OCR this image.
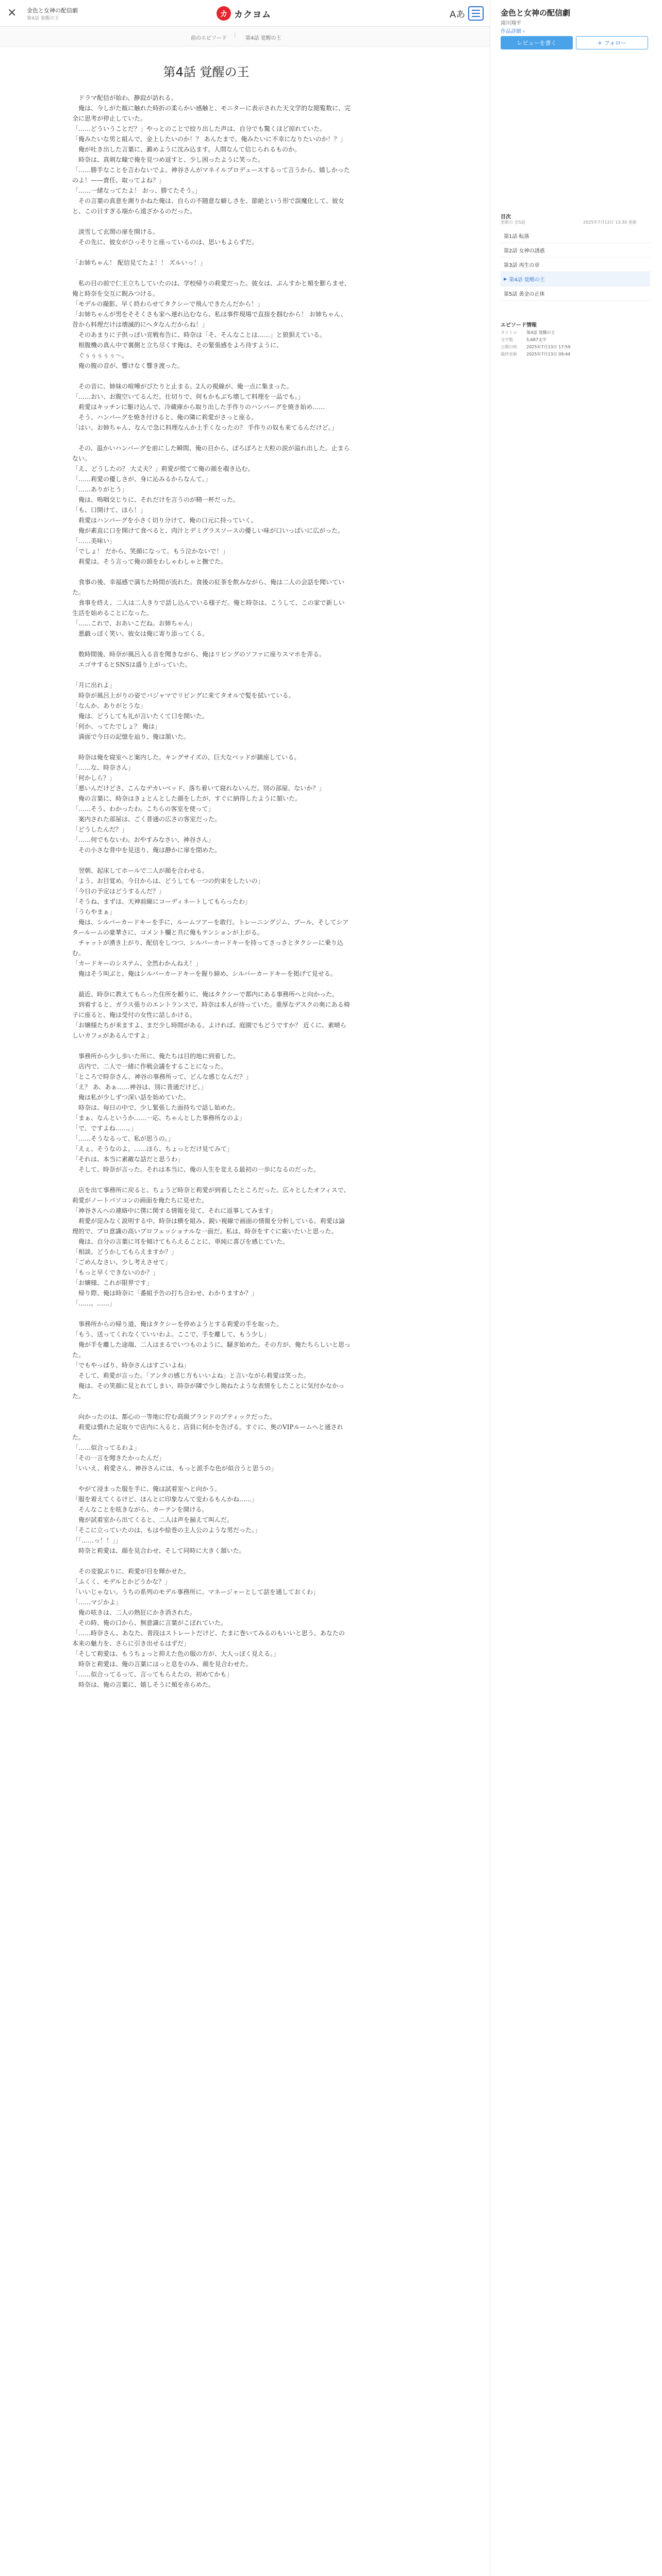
× 金色と女神の配信劇
第4話 覚醒の王
カ カクヨム	Aあ
前のエピソード
|
第4話 覚醒の王
第4話 覚醒の王

　ドラマ配信が始わ、静寂が訪れる。

　俺は、今しがた飯に触れた時折の柔らかい感触と、モニターに表示された天文学的な閲覧数に、完全に思考が停止していた。

「……どういうことだ？」やっとのことで絞り出した声は、自分でも驚くほど掠れていた。

「俺みたいな男と組んで、金上したいのか！？ あんたまで。俺みたいに不幸になりたいのか！？」

　俺が吐き出した言葉に、澱めように沈み込ます。人間なんて信じられるものか。

　時奈は、真剣な瞳で俺を見つめ返すと、少し困ったように笑った。

「……勝手なことを言わないでよ。神谷さんがマネイルプロデュースするって言うから、嬉しかったのよ！——責任、取ってよね？」

「……一緒なってたよ！ おっ、勝てたそう。」

　その言葉の真意を測りかねた俺は、自らの不随意な癖しさを、節絶という形で誤魔化して、彼女と、この日すぎる端から遠ざかるのだった。

　淡雪して玄関の扉を開ける。

　その先に、彼女がひっそりと座っているのは、思いもよらずだ。

「お姉ちゃん！ 配信見てたよ！！ ズルいっ！」

　私の目の前で仁王立ちしていたのは、学校帰りの莉愛だった。彼女は、ぷんすかと頬を膨らませ、俺と時奈を交互に睨みつける。

「モデルの撮影、早く終わらせてタクシーで飛んできたんだから！」

「お姉ちゃんが男をそそくさも家へ連れ込むなら、私は事件現場で直接を掴むから！ お姉ちゃん、昔から料理だけは壊滅的にへタなんだからね！」

　そのあまりに子供っぽい宣戦布告に、時奈は「そ、そんなことは……」と狼狽えている。

　根腹機の真ん中で裏側と立ち尽くす俺は、その緊張感をよろ待すように、

　ぐぅぅぅぅぅ〜。

　俺の腹の音が、響けなく響き渡った。

　その音に、姉妹の喧嘩がぴたりと止まる。2人の視線が、俺一点に集まった。

「……おい、お腹空いてるんだ。仕切りで、何もかもぶち壊して料理を一品でも。」

　莉愛はキッチンに駆け込んで、冷蔵庫から取り出した手作りのハンバーグを焼き始め……

　そう、ハンバーグを焼き付けると、俺の隣に莉愛がさっと座る。

「はい、お姉ちゃん、なんで急に料理なんか上手くなったの？ 手作りの奴も来てるんだけど。」

　その、温かいハンバーグを前にした瞬間、俺の目から、ぽろぽろと大粒の涙が溢れ出した。止まらない。

「え、どうしたの？ 大丈夫？」莉愛が慌てて俺の顔を覗き込む。

「……莉愛の優しさが、身に沁みるからなんて。」

「……ありがとう」

　俺は、嗚咽交じりに、それだけを言うのが精一杯だった。

「も、口開けて、ほら！」

　莉愛はハンバーグを小さく切り分けて、俺の口元に持っていく。

　俺が素直に口を開けて食べると、肉汁とデミグラスソースの優しい味が口いっぱいに広がった。

「……美味い」

「でしょ！ だから、笑顔になって。もう泣かないで！」

　莉愛は、そう言って俺の頭をわしゃわしゃと撫でた。

　食事の後、幸福感で満ちた時間が流れた。食後の紅茶を飲みながら、俺は二人の会話を聞いていた。

　食事を終え、二人は二人きりで話し込んでいる様子だ。俺と時奈は、こうして、この家で新しい生活を始めることになった。

「……これで、おあいこだね。お姉ちゃん」

　悪戯っぽく笑い、彼女は俺に寄り添ってくる。

　数時間後、時奈が風呂入る音を聞きながら、俺はリビングのソファに座りスマホを弄る。

　エゴサするとSNSは盛り上がっていた。

「月に出れよ」

　時奈が風呂上がりの姿でパジャマでリビングに来てタオルで髪を拭いている。

「なんか、ありがとうな」

　俺は、どうしても礼が言いたくて口を開いた。

「何か、ってたでしょ？ 俺は」

　満面で今日の記憶を辿り、俺は頷いた。

　時奈は俺を寝室へと案内した。キングサイズの、巨大なベッドが鎮座している。

「……な、時奈さん」

「何かしら？」

「悪いんだけどさ、こんなデカいベッド、落ち着いて寝れないんだ。別の部屋、ないか？」

　俺の言葉に、時奈はきょとんとした顔をしたが、すぐに納得したように頷いた。

「……そう、わかったわ。こちらの客室を使って」

　案内された部屋は、ごく普通の広さの客室だった。

「どうしたんだ？」

「……何でもないわ。おやすみなさい、神谷さん」

　その小さな背中を見送り、俺は静かに扉を閉めた。

　翌朝、起床してホールで二人が顔を合わせる。

「よう、お目覚め。今日からは、どうしても一つの約束をしたいの」

「今日の予定はどうするんだ？」

「そうね、まずは、天神前線にコーディネートしてもらったわ」

「うらやまぁ」

　俺は、シルバーカードキーを手に、ルームツアーを敢行。トレーニングジム、プール、そしてシアタールームの豪華さに、コメント欄と共に俺もテンションが上がる。

　チャットが湧き上がり、配信をしつつ、シルバーカードキーを持ってさっさとタクシーに乗り込む。

「カードキーのシステム、全然わかんねえ！」

　俺はそう叫ぶと、俺はシルバーカードキーを握り締め、シルバーカードキーを掲げて見せる。

　最近、時奈に教えてもらった住所を頼りに、俺はタクシーで都内にある事務所へと向かった。

　到着すると、ガラス張りのエントランスで、時奈は本人が待っていた。重厚なデスクの奥にある椅子に座ると、俺は受付の女性に話しかける。

「お嬢様たちが来ますよ、まだ少し時間がある。よければ、庭園でもどうですか？ 近くに、素晴らしいカフェがあるんですよ」

　事務所から少し歩いた所に、俺たちは目的地に到着した。

　店内で、二人で一緒に作戦会議をすることになった。

「ところで時奈さん、神谷の事務所って、どんな感じなんだ？」

「え？ あ、あぁ……神谷は、別に普通だけど。」

　俺は私が少しずつ深い話を始めていた。

　時奈は、毎日の中で、少し緊張した面持ちで話し始めた。

「まぁ、なんというか……一応、ちゃんとした事務所なのよ」

「で、ですよね……。」

「……そうなるって、私が思うの。」

「えぇ、そうなのよ。……ほら、ちょっとだけ見てみて」

「それは、本当に素敵な話だと思うわ」

　そして、時奈が言った。それは本当に、俺の人生を変える最初の一歩になるのだった。

　店を出て事務所に戻ると、ちょうど時奈と莉愛が到着したところだった。広々としたオフィスで、莉愛がノートパソコンの画面を俺たちに見せた。

「神谷さんへの連絡中に僕に関する情報を見て、それに返事してみます」

　莉愛が淀みなく説明する中、時奈は横を組み、鋭い視線で画面の情報を分析している。莉愛は論理的で、プロ意識の高いプロフェッショナルな一面だ。私は、時奈をすぐに雇いたいと思った。

　俺は、自分の言葉に耳を傾けてもらえることに、単純に喜びを感じていた。

「相談、どうかしてもらえますか？」

「ごめんなさい、少し考えさせて」

「もっと早くできないのか？」

「お嬢様、これが限界です」

　帰り際、俺は時奈に「番組予告の打ち合わせ、わかりますか？」

「……。……」

　事務所からの帰り道、俺はタクシーを停めようとする莉愛の手を取った。

「もう、送ってくれなくていいわよ。ここで、手を離して、もう少し」

　俺が手を離した途端、二人はまるでいつものように、騒ぎ始めた。その方が、俺たちらしいと思った。

「でもやっぱり、時奈さんはすごいよね」

　そして、莉愛が言った。「アンタの感じ方もいいよね」と言いながら莉愛は笑った。

　俺は、その笑顔に見とれてしまい、時奈が隣で少し拗ねたような表情をしたことに気付かなかった。

　向かったのは、都心の一等地に佇む高級ブランドのブティックだった。

　莉愛は慣れた足取りで店内に入ると、店員に何かを告げる。すぐに、奥のVIPルームへと通された。

「……似合ってるわよ」

「その一言を聞きたかったんだ」

「いいえ、莉愛さん、神谷さんには、もっと派手な色が似合うと思うの」

　やがて浸まった服を手に、俺は試着室へと向かう。

「服を着えてくるけど、ほんとに印象なんて変わるもんかね……」

　そんなことを呟きながら、カーテンを開ける。

　俺が試着室から出てくると、二人は声を揃えて叫んだ。

「そこに立っていたのは、もはや絵巻の主人公のような男だった。」

「「……っ！！」」

　時奈と莉愛は、顔を見合わせ、そして同時に大きく頷いた。

　その変貌ぶりに、莉愛が目を輝かせた。

「ふくく、モデルとかどうかな？」

「いいじゃない。うちの系列のモデル事務所に、マネージャーとして話を通しておくわ」

「……マジかよ」

　俺の呟きは、二人の熱狂にかき消された。

　その時、俺の口から、無意識に言葉がこぼれていた。

「……時奈さん、あなた、普段はストレートだけど、たまに巻いてみるのもいいと思う。あなたの本来の魅力を、さらに引き出せるはずだ」

「そして莉愛は、もうちょっと抑えた色の服の方が、大人っぽく見える。」

　時奈と莉愛は、俺の言葉にはっと息をのみ、顔を見合わせた。

「……似合ってるって、言ってもらえたの、初めてかも」

　時奈は、俺の言葉に、嬉しそうに頬を赤らめた。

金色と女神の配信劇
滝川翔平
作品詳細 ›
レビューを書く	+ フォロー
目次
更新日 全5話	2025年7月13日 13:30 更新
第1話 転落
第2話 女神の誘惑
第3話 再生の章
▶ 第4話 覚醒の王
第5話 黄金の正体
エピソード情報
タイトル	第4話 覚醒の王
文字数	5,687文字
公開日時	2025年7月13日 17:59
最終更新	2025年7月13日 09:44
